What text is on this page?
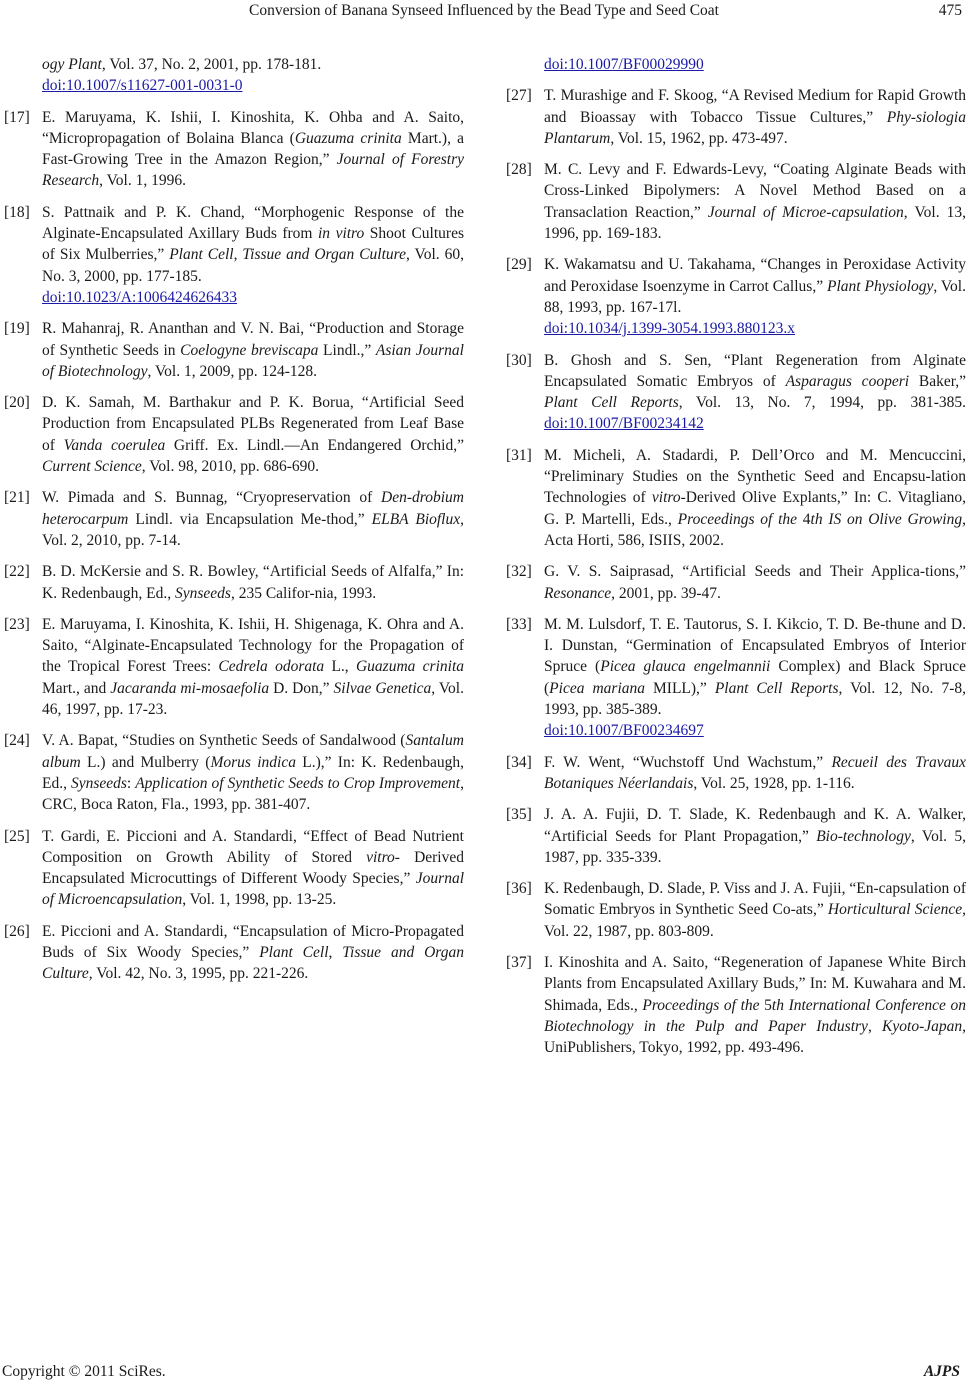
Conversion of Banana Synseed Influenced by the Bead Type and Seed Coat	475
ogy Plant, Vol. 37, No. 2, 2001, pp. 178-181.
doi:10.1007/s11627-001-0031-0
[17] E. Maruyama, K. Ishii, I. Kinoshita, K. Ohba and A. Saito, “Micropropagation of Bolaina Blanca (Guazuma crinita Mart.), a Fast-Growing Tree in the Amazon Region,” Journal of Forestry Research, Vol. 1, 1996.
[18] S. Pattnaik and P. K. Chand, “Morphogenic Response of the Alginate-Encapsulated Axillary Buds from in vitro Shoot Cultures of Six Mulberries,” Plant Cell, Tissue and Organ Culture, Vol. 60, No. 3, 2000, pp. 177-185.
doi:10.1023/A:1006424626433
[19] R. Mahanraj, R. Ananthan and V. N. Bai, “Production and Storage of Synthetic Seeds in Coelogyne breviscapa Lindl.,” Asian Journal of Biotechnology, Vol. 1, 2009, pp. 124-128.
[20] D. K. Samah, M. Barthakur and P. K. Borua, “Artificial Seed Production from Encapsulated PLBs Regenerated from Leaf Base of Vanda coerulea Griff. Ex. Lindl.―An Endangered Orchid,” Current Science, Vol. 98, 2010, pp. 686-690.
[21] W. Pimada and S. Bunnag, “Cryopreservation of Den-drobium heterocarpum Lindl. via Encapsulation Me-thod,” ELBA Bioflux, Vol. 2, 2010, pp. 7-14.
[22] B. D. McKersie and S. R. Bowley, “Artificial Seeds of Alfalfa,” In: K. Redenbaugh, Ed., Synseeds, 235 Califor-nia, 1993.
[23] E. Maruyama, I. Kinoshita, K. Ishii, H. Shigenaga, K. Ohra and A. Saito, “Alginate-Encapsulated Technology for the Propagation of the Tropical Forest Trees: Cedrela odorata L., Guazuma crinita Mart., and Jacaranda mi-mosaefolia D. Don,” Silvae Genetica, Vol. 46, 1997, pp. 17-23.
[24] V. A. Bapat, “Studies on Synthetic Seeds of Sandalwood (Santalum album L.) and Mulberry (Morus indica L.),” In: K. Redenbaugh, Ed., Synseeds: Application of Synthetic Seeds to Crop Improvement, CRC, Boca Raton, Fla., 1993, pp. 381-407.
[25] T. Gardi, E. Piccioni and A. Standardi, “Effect of Bead Nutrient Composition on Growth Ability of Stored vitro- Derived Encapsulated Microcuttings of Different Woody Species,” Journal of Microencapsulation, Vol. 1, 1998, pp. 13-25.
[26] E. Piccioni and A. Standardi, “Encapsulation of Micro-Propagated Buds of Six Woody Species,” Plant Cell, Tissue and Organ Culture, Vol. 42, No. 3, 1995, pp. 221-226.
doi:10.1007/BF00029990
[27] T. Murashige and F. Skoog, “A Revised Medium for Rapid Growth and Bioassay with Tobacco Tissue Cultures,” Phy-siologia Plantarum, Vol. 15, 1962, pp. 473-497.
[28] M. C. Levy and F. Edwards-Levy, “Coating Alginate Beads with Cross-Linked Bipolymers: A Novel Method Based on a Transaclation Reaction,” Journal of Microe-capsulation, Vol. 13, 1996, pp. 169-183.
[29] K. Wakamatsu and U. Takahama, “Changes in Peroxidase Activity and Peroxidase Isoenzyme in Carrot Callus,” Plant Physiology, Vol. 88, 1993, pp. 167-17l.
doi:10.1034/j.1399-3054.1993.880123.x
[30] B. Ghosh and S. Sen, “Plant Regeneration from Alginate Encapsulated Somatic Embryos of Asparagus cooperi Baker,” Plant Cell Reports, Vol. 13, No. 7, 1994, pp. 381-385. doi:10.1007/BF00234142
[31] M. Micheli, A. Stadardi, P. Dell’Orco and M. Mencuccini, “Preliminary Studies on the Synthetic Seed and Encapsu-lation Technologies of vitro-Derived Olive Explants,” In: C. Vitagliano, G. P. Martelli, Eds., Proceedings of the 4th IS on Olive Growing, Acta Horti, 586, ISIIS, 2002.
[32] G. V. S. Saiprasad, “Artificial Seeds and Their Applica-tions,” Resonance, 2001, pp. 39-47.
[33] M. M. Lulsdorf, T. E. Tautorus, S. I. Kikcio, T. D. Be-thune and D. I. Dunstan, “Germination of Encapsulated Embryos of Interior Spruce (Picea glauca engelmannii Complex) and Black Spruce (Picea mariana MILL),” Plant Cell Reports, Vol. 12, No. 7-8, 1993, pp. 385-389.
doi:10.1007/BF00234697
[34] F. W. Went, “Wuchstoff Und Wachstum,” Recueil des Travaux Botaniques Néerlandais, Vol. 25, 1928, pp. 1-116.
[35] J. A. A. Fujii, D. T. Slade, K. Redenbaugh and K. A. Walker, “Artificial Seeds for Plant Propagation,” Bio-technology, Vol. 5, 1987, pp. 335-339.
[36] K. Redenbaugh, D. Slade, P. Viss and J. A. Fujii, “En-capsulation of Somatic Embryos in Synthetic Seed Co-ats,” Horticultural Science, Vol. 22, 1987, pp. 803-809.
[37] I. Kinoshita and A. Saito, “Regeneration of Japanese White Birch Plants from Encapsulated Axillary Buds,” In: M. Kuwahara and M. Shimada, Eds., Proceedings of the 5th International Conference on Biotechnology in the Pulp and Paper Industry, Kyoto-Japan, UniPublishers, Tokyo, 1992, pp. 493-496.
Copyright © 2011 SciRes.	AJPS
